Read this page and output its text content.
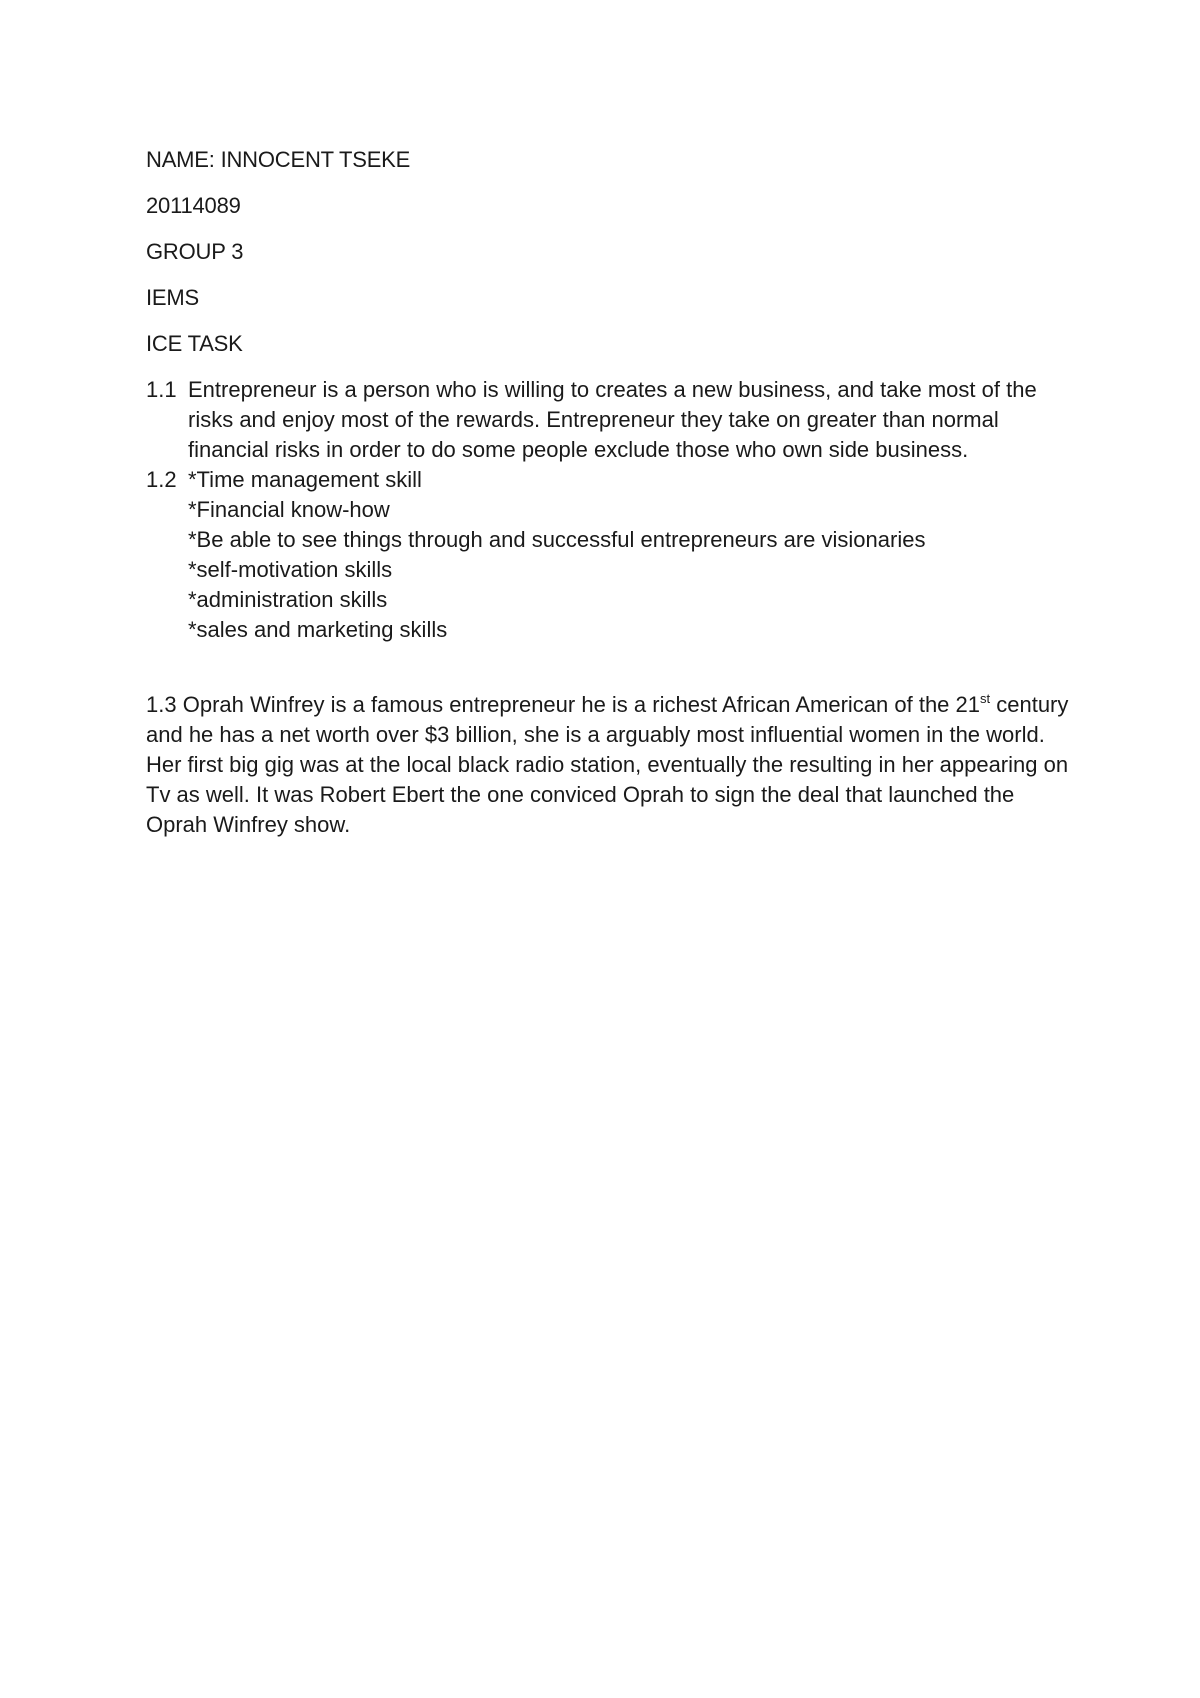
NAME: INNOCENT TSEKE

20114089

GROUP 3

IEMS

ICE TASK

1.1 Entrepreneur is a person who is willing to creates a new business, and take most of the risks and enjoy most of the rewards. Entrepreneur they take on greater than normal financial risks in order to do some people exclude those who own side business.
1.2 *Time management skill

*Financial know-how

*Be able to see things through and successful entrepreneurs are visionaries

*self-motivation skills

*administration skills

*sales and marketing skills

1.3 Oprah Winfrey is a famous entrepreneur he is a richest African American of the 21st century and he has a net worth over $3 billion, she is a arguably most influential women in the world. Her first big gig was at the local black radio station, eventually the resulting in her appearing on Tv as well. It was Robert Ebert the one conviced Oprah to sign the deal that launched the Oprah Winfrey show.
